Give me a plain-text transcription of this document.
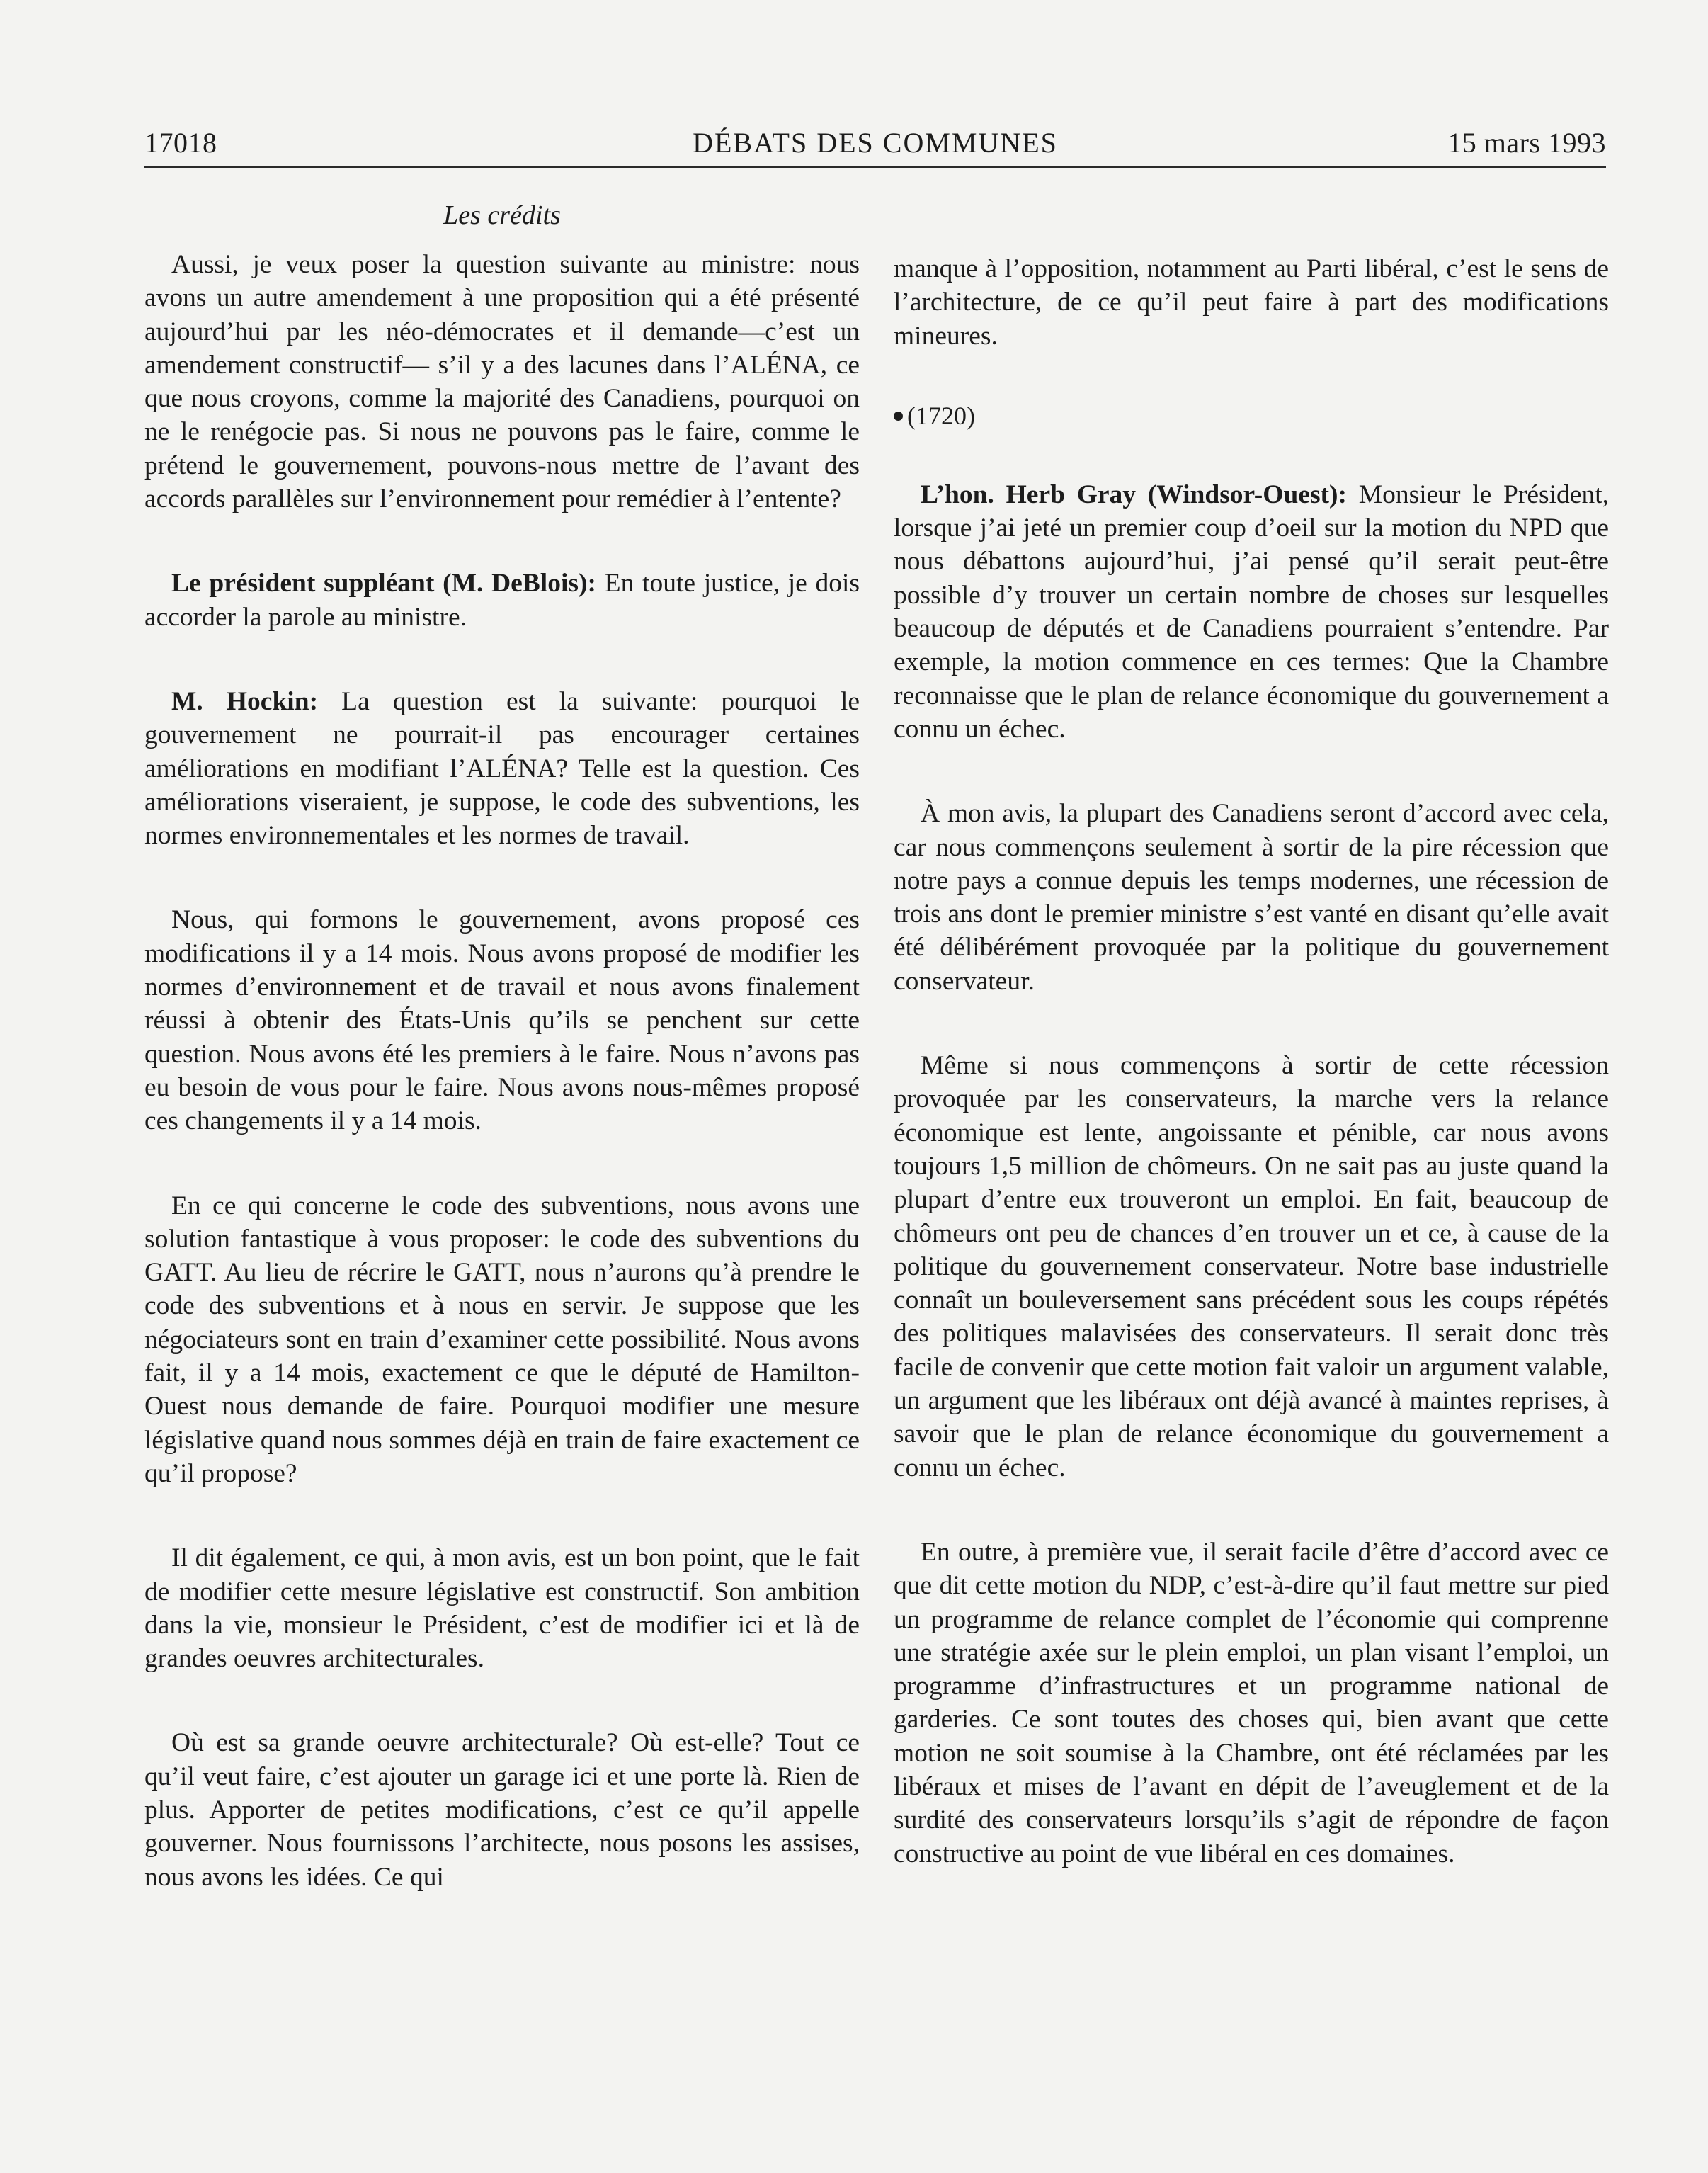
17018	DÉBATS DES COMMUNES	15 mars 1993
Les crédits

Aussi, je veux poser la question suivante au ministre: nous avons un autre amendement à une proposition qui a été présenté aujourd’hui par les néo-démocrates et il demande—c’est un amendement constructif— s’il y a des lacunes dans l’ALÉNA, ce que nous croyons, comme la majorité des Canadiens, pourquoi on ne le renégocie pas. Si nous ne pouvons pas le faire, comme le prétend le gouvernement, pouvons-nous mettre de l’avant des accords parallèles sur l’environnement pour remédier à l’entente?

Le président suppléant (M. DeBlois): En toute justice, je dois accorder la parole au ministre.

M. Hockin: La question est la suivante: pourquoi le gouvernement ne pourrait-il pas encourager certaines améliorations en modifiant l’ALÉNA? Telle est la question. Ces améliorations viseraient, je suppose, le code des subventions, les normes environnementales et les normes de travail.

Nous, qui formons le gouvernement, avons proposé ces modifications il y a 14 mois. Nous avons proposé de modifier les normes d’environnement et de travail et nous avons finalement réussi à obtenir des États-Unis qu’ils se penchent sur cette question. Nous avons été les premiers à le faire. Nous n’avons pas eu besoin de vous pour le faire. Nous avons nous-mêmes proposé ces changements il y a 14 mois.

En ce qui concerne le code des subventions, nous avons une solution fantastique à vous proposer: le code des subventions du GATT. Au lieu de récrire le GATT, nous n’aurons qu’à prendre le code des subventions et à nous en servir. Je suppose que les négociateurs sont en train d’examiner cette possibilité. Nous avons fait, il y a 14 mois, exactement ce que le député de Hamilton-Ouest nous demande de faire. Pourquoi modifier une mesure législative quand nous sommes déjà en train de faire exactement ce qu’il propose?

Il dit également, ce qui, à mon avis, est un bon point, que le fait de modifier cette mesure législative est constructif. Son ambition dans la vie, monsieur le Président, c’est de modifier ici et là de grandes oeuvres architecturales.

Où est sa grande oeuvre architecturale? Où est-elle? Tout ce qu’il veut faire, c’est ajouter un garage ici et une porte là. Rien de plus. Apporter de petites modifications, c’est ce qu’il appelle gouverner. Nous fournissons l’architecte, nous posons les assises, nous avons les idées. Ce qui

manque à l’opposition, notamment au Parti libéral, c’est le sens de l’architecture, de ce qu’il peut faire à part des modifications mineures.

(1720)

L’hon. Herb Gray (Windsor-Ouest): Monsieur le Président, lorsque j’ai jeté un premier coup d’oeil sur la motion du NPD que nous débattons aujourd’hui, j’ai pensé qu’il serait peut-être possible d’y trouver un certain nombre de choses sur lesquelles beaucoup de députés et de Canadiens pourraient s’entendre. Par exemple, la motion commence en ces termes: Que la Chambre reconnaisse que le plan de relance économique du gouvernement a connu un échec.

À mon avis, la plupart des Canadiens seront d’accord avec cela, car nous commençons seulement à sortir de la pire récession que notre pays a connue depuis les temps modernes, une récession de trois ans dont le premier ministre s’est vanté en disant qu’elle avait été délibérément provoquée par la politique du gouvernement conservateur.

Même si nous commençons à sortir de cette récession provoquée par les conservateurs, la marche vers la relance économique est lente, angoissante et pénible, car nous avons toujours 1,5 million de chômeurs. On ne sait pas au juste quand la plupart d’entre eux trouveront un emploi. En fait, beaucoup de chômeurs ont peu de chances d’en trouver un et ce, à cause de la politique du gouvernement conservateur. Notre base industrielle connaît un bouleversement sans précédent sous les coups répétés des politiques malavisées des conservateurs. Il serait donc très facile de convenir que cette motion fait valoir un argument valable, un argument que les libéraux ont déjà avancé à maintes reprises, à savoir que le plan de relance économique du gouvernement a connu un échec.

En outre, à première vue, il serait facile d’être d’accord avec ce que dit cette motion du NDP, c’est-à-dire qu’il faut mettre sur pied un programme de relance complet de l’économie qui comprenne une stratégie axée sur le plein emploi, un plan visant l’emploi, un programme d’infrastructures et un programme national de garderies. Ce sont toutes des choses qui, bien avant que cette motion ne soit soumise à la Chambre, ont été réclamées par les libéraux et mises de l’avant en dépit de l’aveuglement et de la surdité des conservateurs lorsqu’ils s’agit de répondre de façon constructive au point de vue libéral en ces domaines.
